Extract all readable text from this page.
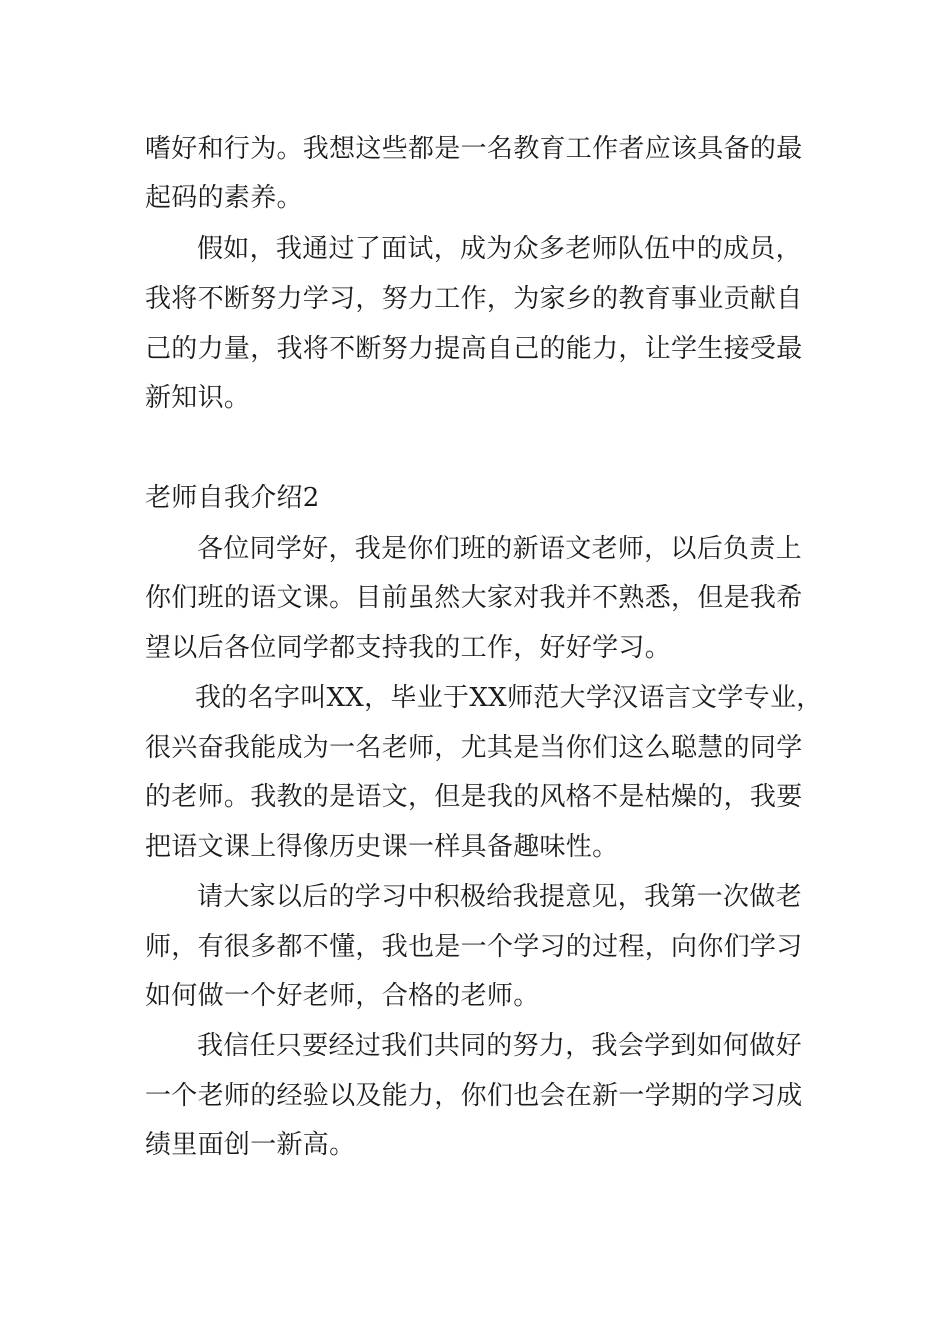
嗜好和行为。我想这些都是一名教育工作者应该具备的最
起码的素养。
假如，我通过了面试，成为众多老师队伍中的成员，
我将不断努力学习，努力工作，为家乡的教育事业贡献自
己的力量，我将不断努力提高自己的能力，让学生接受最
新知识。
老师自我介绍2
各位同学好，我是你们班的新语文老师，以后负责上
你们班的语文课。目前虽然大家对我并不熟悉，但是我希
望以后各位同学都支持我的工作，好好学习。
我的名字叫XX，毕业于XX师范大学汉语言文学专业，
很兴奋我能成为一名老师，尤其是当你们这么聪慧的同学
的老师。我教的是语文，但是我的风格不是枯燥的，我要
把语文课上得像历史课一样具备趣味性。
请大家以后的学习中积极给我提意见，我第一次做老
师，有很多都不懂，我也是一个学习的过程，向你们学习
如何做一个好老师，合格的老师。
我信任只要经过我们共同的努力，我会学到如何做好
一个老师的经验以及能力，你们也会在新一学期的学习成
绩里面创一新高。
